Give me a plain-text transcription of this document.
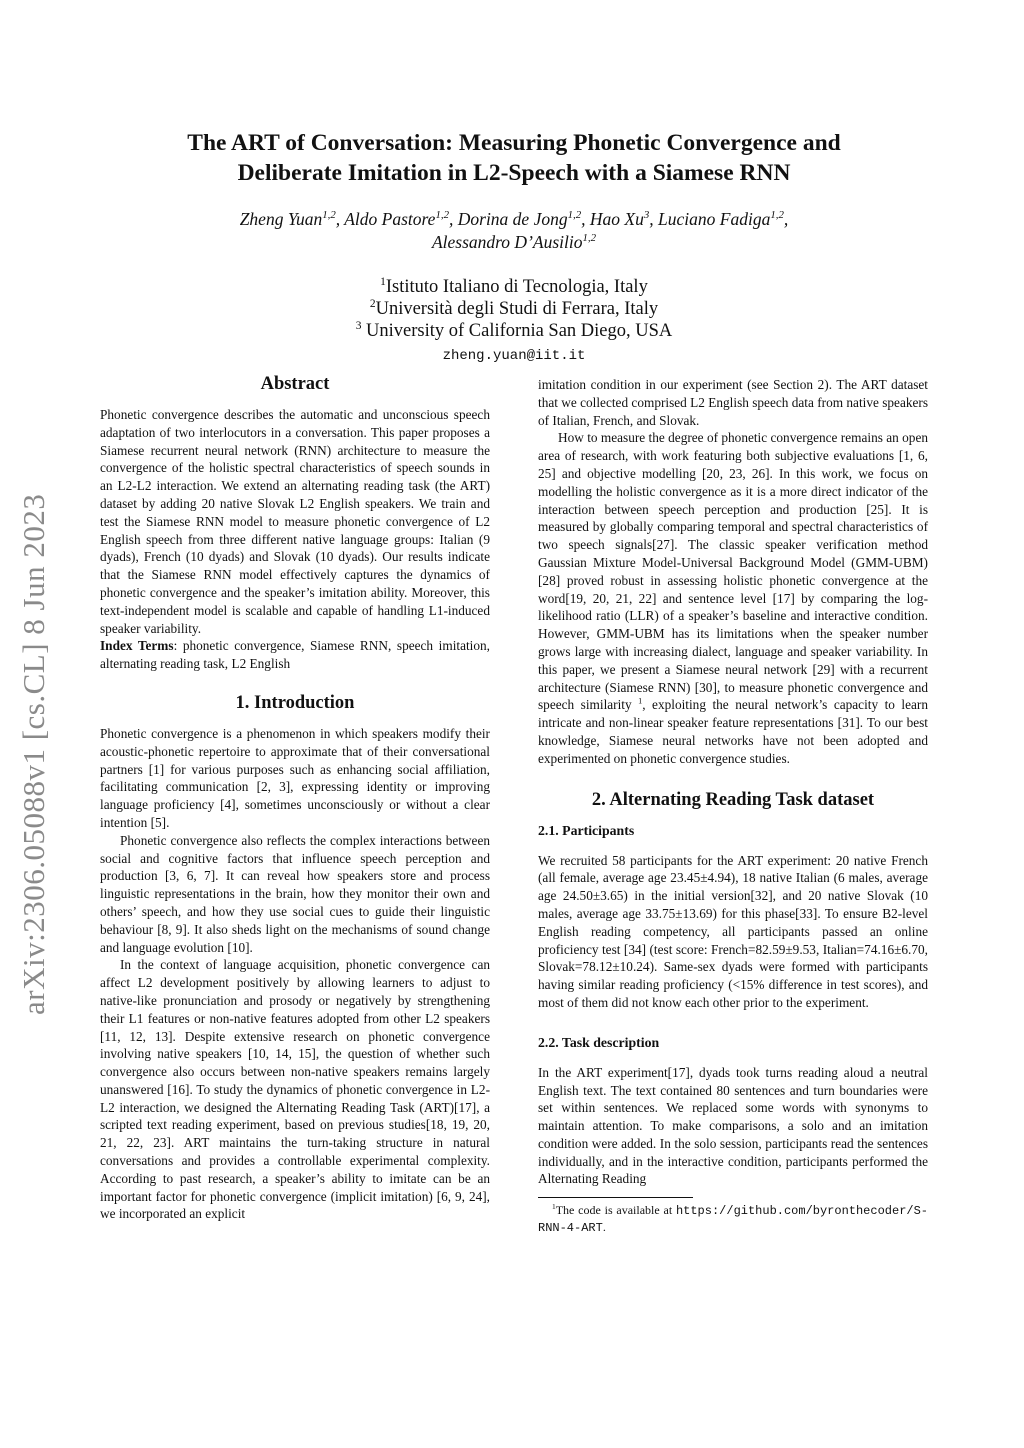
arXiv:2306.05088v1 [cs.CL] 8 Jun 2023
The ART of Conversation: Measuring Phonetic Convergence and
Deliberate Imitation in L2-Speech with a Siamese RNN
Zheng Yuan$^{1,2}$, Aldo Pastore$^{1,2}$, Dorina de Jong$^{1,2}$, Hao Xu$^3$, Luciano Fadiga$^{1,2}$,
Alessandro D’Ausilio$^{1,2}$
$^1$Istituto Italiano di Tecnologia, Italy
$^2$Università degli Studi di Ferrara, Italy
$^3$ University of California San Diego, USA
zheng.yuan@iit.it
Abstract

Phonetic convergence describes the automatic and unconscious speech adaptation of two interlocutors in a conversation. This paper proposes a Siamese recurrent neural network (RNN) architecture to measure the convergence of the holistic spectral characteristics of speech sounds in an L2-L2 interaction. We extend an alternating reading task (the ART) dataset by adding 20 native Slovak L2 English speakers. We train and test the Siamese RNN model to measure phonetic convergence of L2 English speech from three different native language groups: Italian (9 dyads), French (10 dyads) and Slovak (10 dyads). Our results indicate that the Siamese RNN model effectively captures the dynamics of phonetic convergence and the speaker’s imitation ability. Moreover, this text-independent model is scalable and capable of handling L1-induced speaker variability.

Index Terms: phonetic convergence, Siamese RNN, speech imitation, alternating reading task, L2 English

1. Introduction

Phonetic convergence is a phenomenon in which speakers modify their acoustic-phonetic repertoire to approximate that of their conversational partners [1] for various purposes such as enhancing social affiliation, facilitating communication [2, 3], expressing identity or improving language proficiency [4], sometimes unconsciously or without a clear intention [5].

Phonetic convergence also reflects the complex interactions between social and cognitive factors that influence speech perception and production [3, 6, 7]. It can reveal how speakers store and process linguistic representations in the brain, how they monitor their own and others’ speech, and how they use social cues to guide their linguistic behaviour [8, 9]. It also sheds light on the mechanisms of sound change and language evolution [10].

In the context of language acquisition, phonetic convergence can affect L2 development positively by allowing learners to adjust to native-like pronunciation and prosody or negatively by strengthening their L1 features or non-native features adopted from other L2 speakers [11, 12, 13]. Despite extensive research on phonetic convergence involving native speakers [10, 14, 15], the question of whether such convergence also occurs between non-native speakers remains largely unanswered [16]. To study the dynamics of phonetic convergence in L2-L2 interaction, we designed the Alternating Reading Task (ART)[17], a scripted text reading experiment, based on previous studies[18, 19, 20, 21, 22, 23]. ART maintains the turn-taking structure in natural conversations and provides a controllable experimental complexity. According to past research, a speaker’s ability to imitate can be an important factor for phonetic convergence (implicit imitation) [6, 9, 24], we incorporated an explicit

imitation condition in our experiment (see Section 2). The ART dataset that we collected comprised L2 English speech data from native speakers of Italian, French, and Slovak.

How to measure the degree of phonetic convergence remains an open area of research, with work featuring both subjective evaluations [1, 6, 25] and objective modelling [20, 23, 26]. In this work, we focus on modelling the holistic convergence as it is a more direct indicator of the interaction between speech perception and production [25]. It is measured by globally comparing temporal and spectral characteristics of two speech signals[27]. The classic speaker verification method Gaussian Mixture Model-Universal Background Model (GMM-UBM) [28] proved robust in assessing holistic phonetic convergence at the word[19, 20, 21, 22] and sentence level [17] by comparing the log-likelihood ratio (LLR) of a speaker’s baseline and interactive condition. However, GMM-UBM has its limitations when the speaker number grows large with increasing dialect, language and speaker variability. In this paper, we present a Siamese neural network [29] with a recurrent architecture (Siamese RNN) [30], to measure phonetic convergence and speech similarity $^1$, exploiting the neural network’s capacity to learn intricate and non-linear speaker feature representations [31]. To our best knowledge, Siamese neural networks have not been adopted and experimented on phonetic convergence studies.

2. Alternating Reading Task dataset
2.1. Participants

We recruited 58 participants for the ART experiment: 20 native French (all female, average age 23.45±4.94), 18 native Italian (6 males, average age 24.50±3.65) in the initial version[32], and 20 native Slovak (10 males, average age 33.75±13.69) for this phase[33]. To ensure B2-level English reading competency, all participants passed an online proficiency test [34] (test score: French=82.59±9.53, Italian=74.16±6.70, Slovak=78.12±10.24). Same-sex dyads were formed with participants having similar reading proficiency (<15% difference in test scores), and most of them did not know each other prior to the experiment.

2.2. Task description

In the ART experiment[17], dyads took turns reading aloud a neutral English text. The text contained 80 sentences and turn boundaries were set within sentences. We replaced some words with synonyms to maintain attention. To make comparisons, a solo and an imitation condition were added. In the solo session, participants read the sentences individually, and in the interactive condition, participants performed the Alternating Reading

$^1$The code is available at https://github.com/byronthecoder/S-RNN-4-ART.
